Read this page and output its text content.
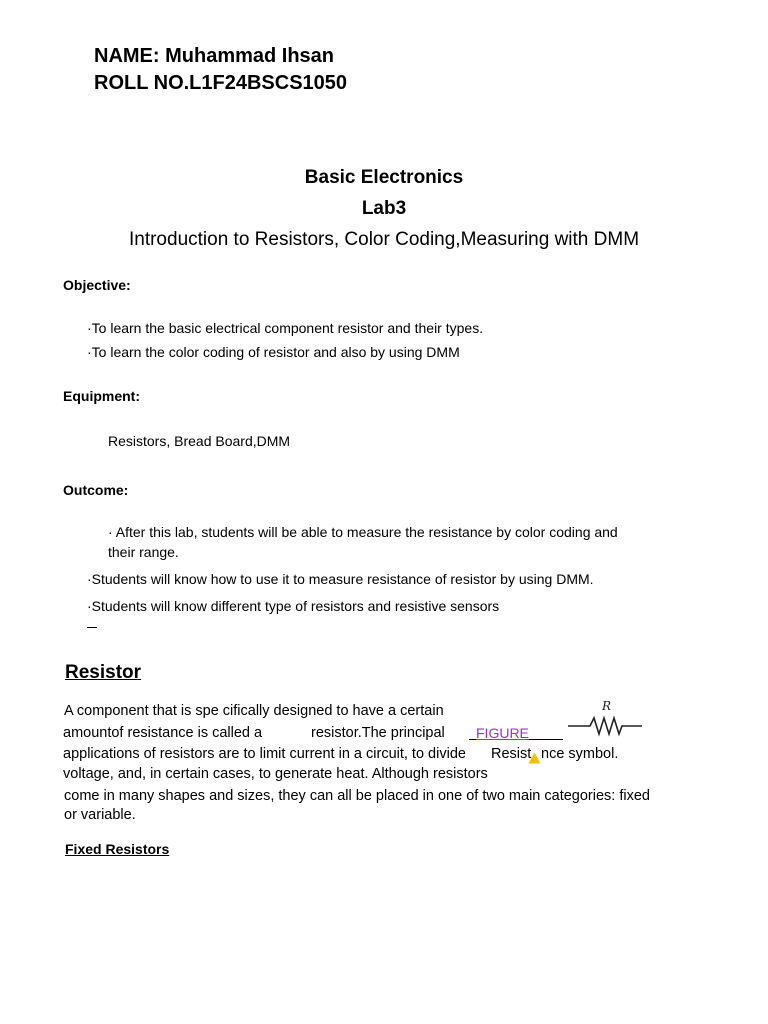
NAME: Muhammad Ihsan
ROLL NO.L1F24BSCS1050
Basic Electronics
Lab3
Introduction to Resistors, Color Coding,Measuring with DMM
Objective:
·To learn the basic electrical component resistor and their types.
·To learn the color coding of resistor and also by using DMM
Equipment:
Resistors, Bread Board,DMM
Outcome:
· After this lab, students will be able to measure the resistance by color coding and
their range.
·Students will know how to use it to measure resistance of resistor by using DMM.
·Students will know different type of resistors and resistive sensors
Resistor
A component that is spe cifically designed to have a certain
amountof resistance is called a	resistor.The principal
applications of resistors are to limit current in a circuit, to divide
voltage, and, in certain cases, to generate heat. Although resistors
come in many shapes and sizes, they can all be placed in one of two main categories: fixed
or variable.
FIGURE
R
Resist nce symbol.
Fixed Resistors
